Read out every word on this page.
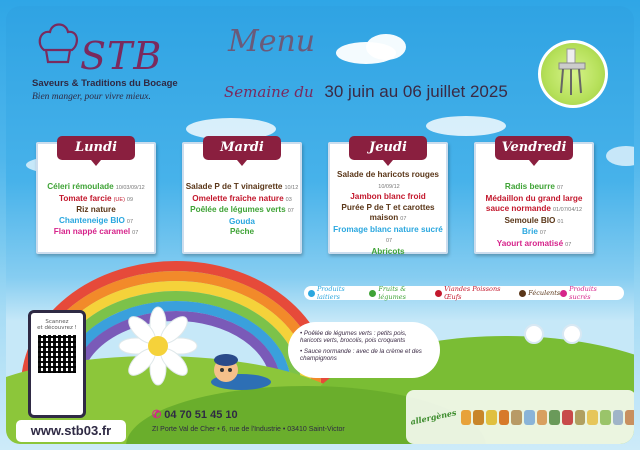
STB
Saveurs & Traditions du Bocage
Bien manger, pour vivre mieux.
Menu
Semaine du 30 juin au 06 juillet 2025
Lundi
Céleri rémoulade 10/03/09/12
Tomate farcie (UE) 09
Riz nature
Chanteneige BIO 07
Flan nappé caramel 07
Mardi
Salade P de T vinaigrette 10/12
Omelette fraîche nature 03
Poêlée de légumes verts 07
Gouda
Pêche
Jeudi
Salade de haricots rouges
10/09/12
Jambon blanc froid
Purée P de T et carottes
maison 07
Fromage blanc nature sucré
07
Abricots
Vendredi
Radis beurre 07
Médaillon du grand large
sauce normande 01/07/04/12
Semoule BIO 01
Brie 07
Yaourt aromatisé 07
Produits laitiers
Fruits & légumes
Viandes Poissons Œufs	Féculents Produits sucrés

• Poêlée de légumes verts : petits pois, haricots verts, brocolis, pois croquants

• Sauce normande : avec de la crème et des champignons

Scannez
et découvrez !
www.stb03.fr
✆ 04 70 51 45 10
ZI Porte Val de Cher • 6, rue de l'Industrie • 03410 Saint-Victor
allergènes
